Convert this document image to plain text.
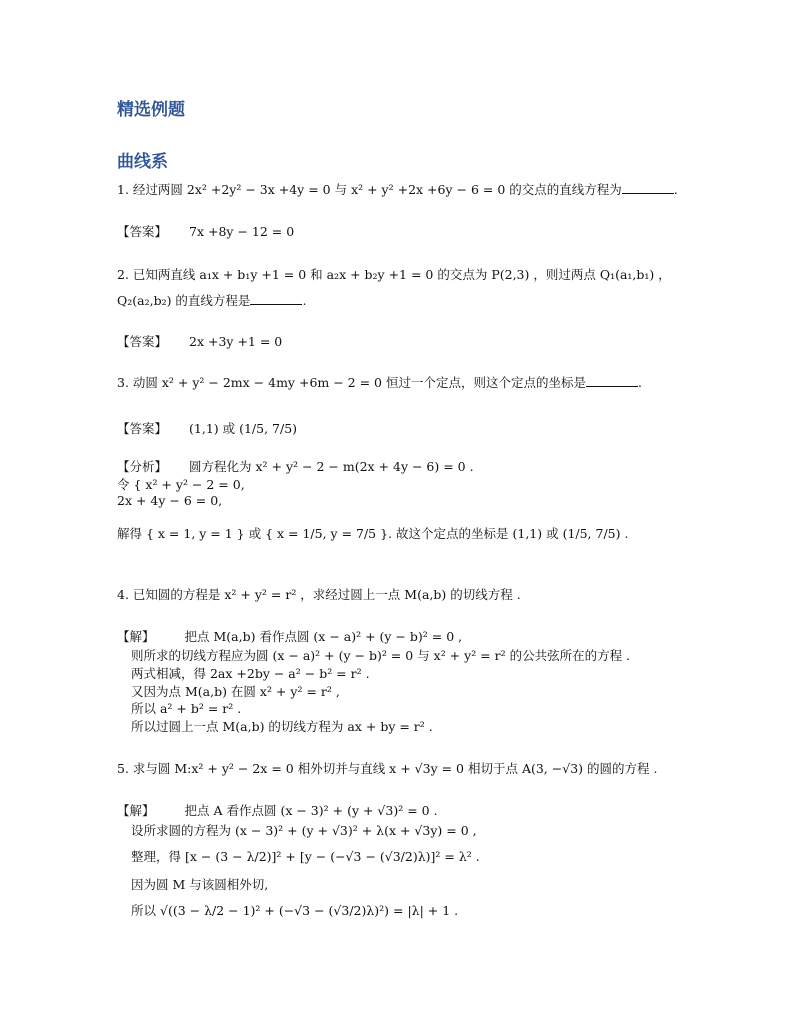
精选例题
曲线系
1. 经过两圆 2x² +2y² − 3x +4y = 0 与 x² + y² +2x +6y − 6 = 0 的交点的直线方程为	.
【答案】 7x +8y − 12 = 0
2. 已知两直线 a₁x + b₁y +1 = 0 和 a₂x + b₂y +1 = 0 的交点为 P(2,3) ，则过两点 Q₁(a₁,b₁) ，
Q₂(a₂,b₂) 的直线方程是	.
【答案】 2x +3y +1 = 0
3. 动圆 x² + y² − 2mx − 4my +6m − 2 = 0 恒过一个定点，则这个定点的坐标是	.
【答案】 (1,1) 或 (1/5, 7/5)
【分析】 圆方程化为 x² + y² − 2 − m(2x + 4y − 6) = 0 .
令 { x² + y² − 2 = 0,
2x + 4y − 6 = 0,
解得 { x = 1, y = 1 } 或 { x = 1/5, y = 7/5 }. 故这个定点的坐标是 (1,1) 或 (1/5, 7/5) .
4. 已知圆的方程是 x² + y² = r² ，求经过圆上一点 M(a,b) 的切线方程 .
【解】 把点 M(a,b) 看作点圆 (x − a)² + (y − b)² = 0 ,
则所求的切线方程应为圆 (x − a)² + (y − b)² = 0 与 x² + y² = r² 的公共弦所在的方程 .
两式相减，得 2ax +2by − a² − b² = r² .
又因为点 M(a,b) 在圆 x² + y² = r² ,
所以 a² + b² = r² .
所以过圆上一点 M(a,b) 的切线方程为 ax + by = r² .
5. 求与圆 M:x² + y² − 2x = 0 相外切并与直线 x + √3y = 0 相切于点 A(3, −√3) 的圆的方程 .
【解】 把点 A 看作点圆 (x − 3)² + (y + √3)² = 0 .
设所求圆的方程为 (x − 3)² + (y + √3)² + λ(x + √3y) = 0 ,
整理，得 [x − (3 − λ/2)]² + [y − (−√3 − (√3/2)λ)]² = λ² .
因为圆 M 与该圆相外切,
所以 √((3 − λ/2 − 1)² + (−√3 − (√3/2)λ)²) = |λ| + 1 .
